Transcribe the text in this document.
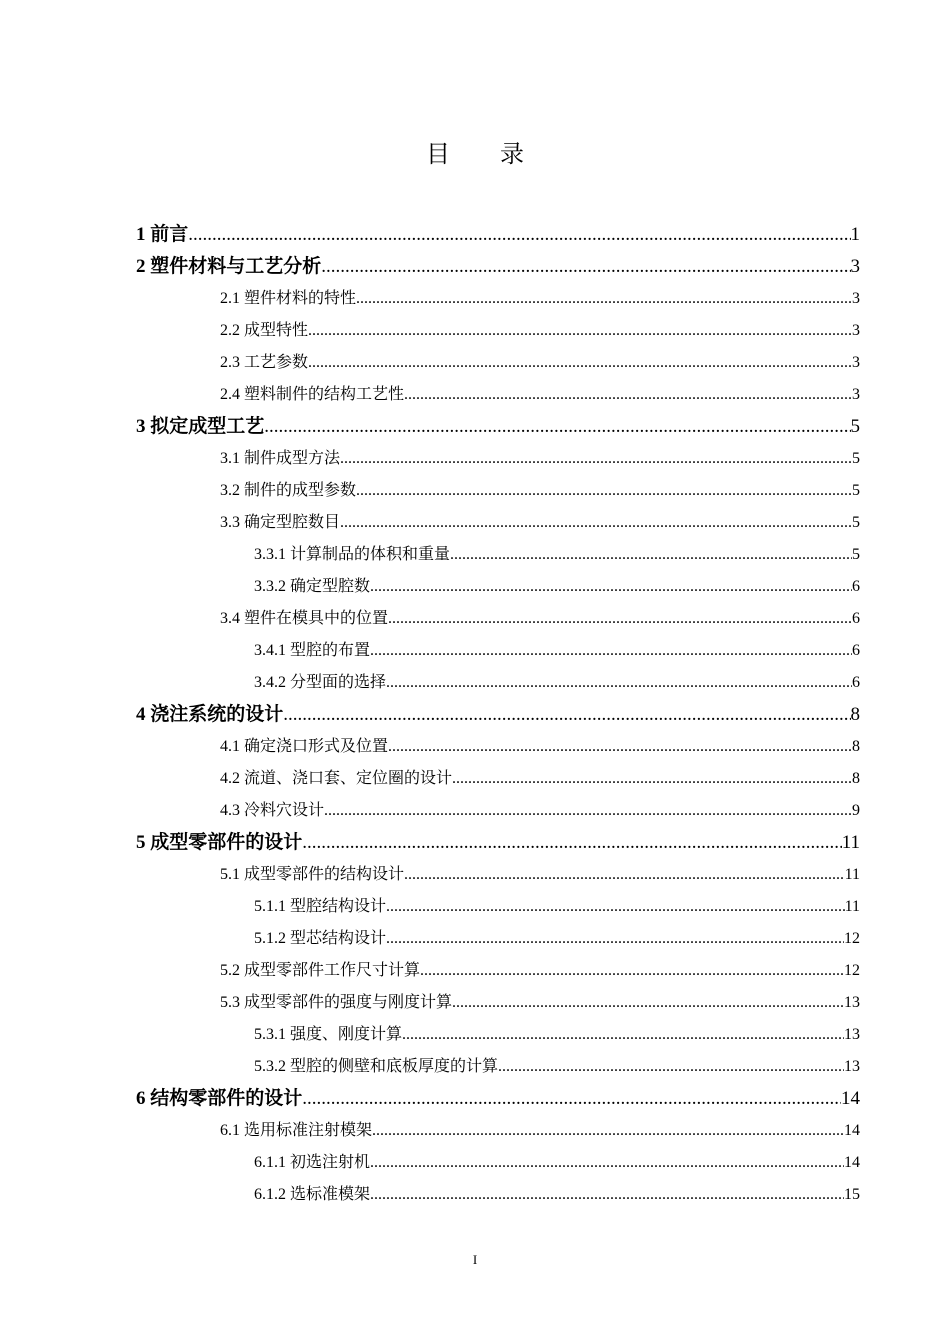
目 录
1 前言 .....	1
2 塑件材料与工艺分析 .....	3
2.1 塑件材料的特性 .....	3
2.2 成型特性 .....	3
2.3 工艺参数 .....	3
2.4 塑料制件的结构工艺性 .....	3
3 拟定成型工艺 .....	5
3.1 制件成型方法 .....	5
3.2 制件的成型参数 .....	5
3.3 确定型腔数目 .....	5
3.3.1 计算制品的体积和重量 .....	5
3.3.2 确定型腔数 .....	6
3.4 塑件在模具中的位置 .....	6
3.4.1 型腔的布置 .....	6
3.4.2 分型面的选择 .....	6
4 浇注系统的设计 .....	8
4.1 确定浇口形式及位置 .....	8
4.2 流道、浇口套、定位圈的设计 .....	8
4.3 冷料穴设计 .....	9
5 成型零部件的设计 .....	11
5.1 成型零部件的结构设计 .....	11
5.1.1 型腔结构设计 .....	11
5.1.2 型芯结构设计 .....	12
5.2 成型零部件工作尺寸计算 .....	12
5.3 成型零部件的强度与刚度计算 .....	13
5.3.1 强度、刚度计算 .....	13
5.3.2 型腔的侧壁和底板厚度的计算 .....	13
6 结构零部件的设计 .....	14
6.1 选用标准注射模架 .....	14
6.1.1 初选注射机 .....	14
6.1.2 选标准模架 .....	15
I
